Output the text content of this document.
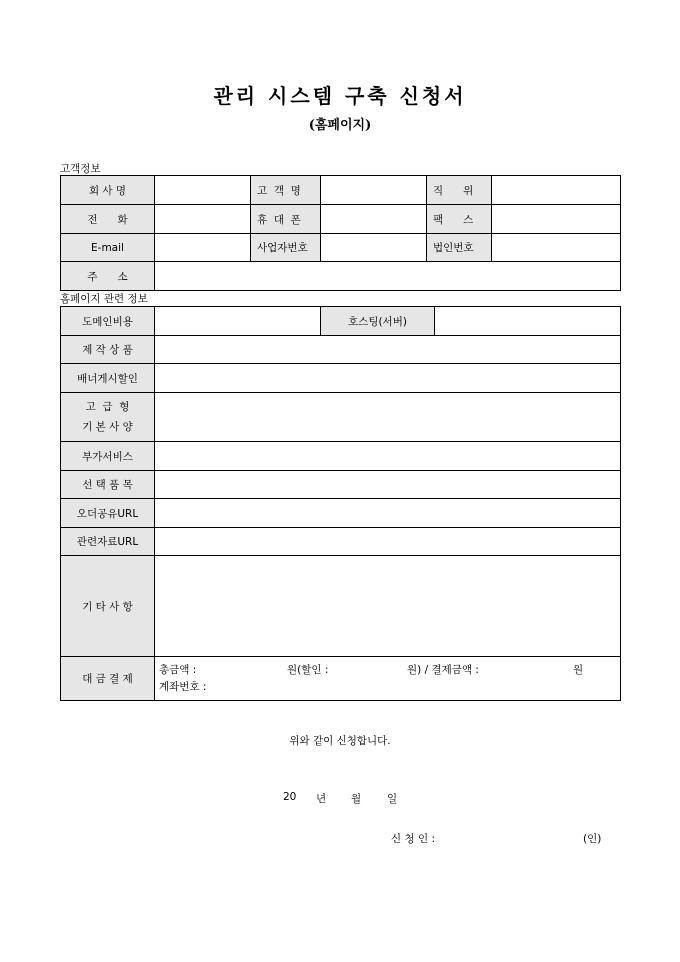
관리 시스템 구축 신청서
(홈페이지)
고객정보
회 사 명		고  객  명		직      위	
전      화		휴  대  폰		팩      스	
E-mail		사업자번호		법인번호	
주      소					
홈페이지 관련 정보
도메인비용		호스팅(서버)	
제 작 상 품			
배너게시할인			
고  급  형
기 본 사 양			
부가서비스			
선 택 품 목			
오더공유URL			
관련자료URL			
기 타 사 항			
대 금 결 제	총금액 : 원(할인 : 원) / 결제금액 : 원
계좌번호 :		
위와 같이 신청합니다.
20 년 월 일
신 청 인 :	(인)
